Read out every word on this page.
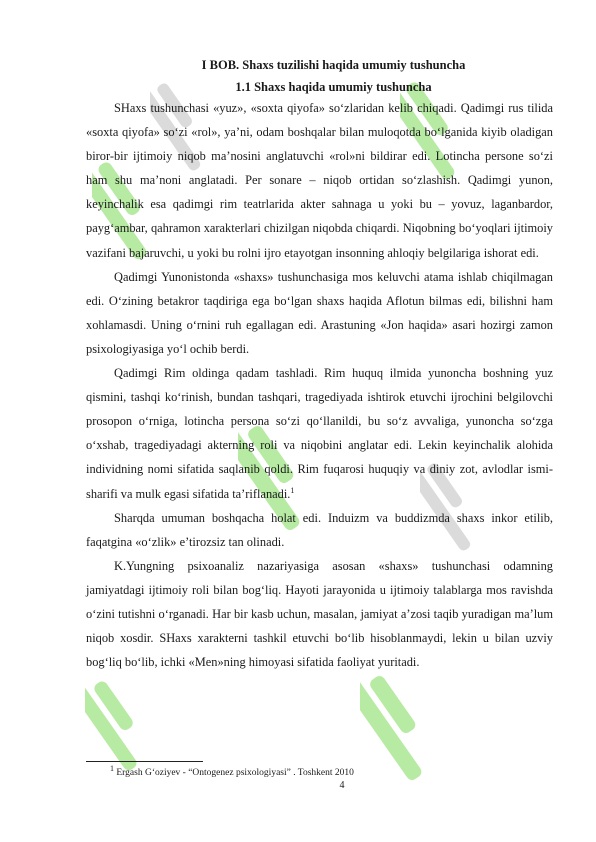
I BOB. Shaxs tuzilishi haqida umumiy tushuncha
1.1 Shaxs haqida umumiy tushuncha

SHaxs tushunchasi «yuz», «soxta qiyofa» so‘zlaridan kelib chiqadi. Qadimgi rus tilida «soxta qiyofa» so‘zi «rol», ya’ni, odam boshqalar bilan muloqotda bo‘lganida kiyib oladigan biror-bir ijtimoiy niqob ma’nosini anglatuvchi «rol»ni bildirar edi. Lotincha persone so‘zi ham shu ma’noni anglatadi. Per sonare – niqob ortidan so‘zlashish. Qadimgi yunon, keyinchalik esa qadimgi rim teatrlarida akter sahnaga u yoki bu – yovuz, laganbardor, payg‘ambar, qahramon xarakterlari chizilgan niqobda chiqardi. Niqobning bo‘yoqlari ijtimoiy vazifani bajaruvchi, u yoki bu rolni ijro etayotgan insonning ahloqiy belgilariga ishorat edi.

Qadimgi Yunonistonda «shaxs» tushunchasiga mos keluvchi atama ishlab chiqilmagan edi. O‘zining betakror taqdiriga ega bo‘lgan shaxs haqida Aflotun bilmas edi, bilishni ham xohlamasdi. Uning o‘rnini ruh egallagan edi. Arastuning «Jon haqida» asari hozirgi zamon psixologiyasiga yo‘l ochib berdi.

Qadimgi Rim oldinga qadam tashladi. Rim huquq ilmida yunoncha boshning yuz qismini, tashqi ko‘rinish, bundan tashqari, tragediyada ishtirok etuvchi ijrochini belgilovchi prosopon o‘rniga, lotincha persona so‘zi qo‘llanildi, bu so‘z avvaliga, yunoncha so‘zga o‘xshab, tragediyadagi akterning roli va niqobini anglatar edi. Lekin keyinchalik alohida individning nomi sifatida saqlanib qoldi. Rim fuqarosi huquqiy va diniy zot, avlodlar ismi-sharifi va mulk egasi sifatida ta’riflanadi.$^1$

Sharqda umuman boshqacha holat edi. Induizm va buddizmda shaxs inkor etilib, faqatgina «o‘zlik» e’tirozsiz tan olinadi.

K.Yungning psixoanaliz nazariyasiga asosan «shaxs» tushunchasi odamning jamiyatdagi ijtimoiy roli bilan bog‘liq. Hayoti jarayonida u ijtimoiy talablarga mos ravishda o‘zini tutishni o‘rganadi. Har bir kasb uchun, masalan, jamiyat a’zosi taqib yuradigan ma’lum niqob xosdir. SHaxs xarakterni tashkil etuvchi bo‘lib hisoblanmaydi, lekin u bilan uzviy bog‘liq bo‘lib, ichki «Men»ning himoyasi sifatida faoliyat yuritadi.

$^1$ Ergash G‘oziyev - “Ontogenez psixologiyasi” . Toshkent 2010
4
